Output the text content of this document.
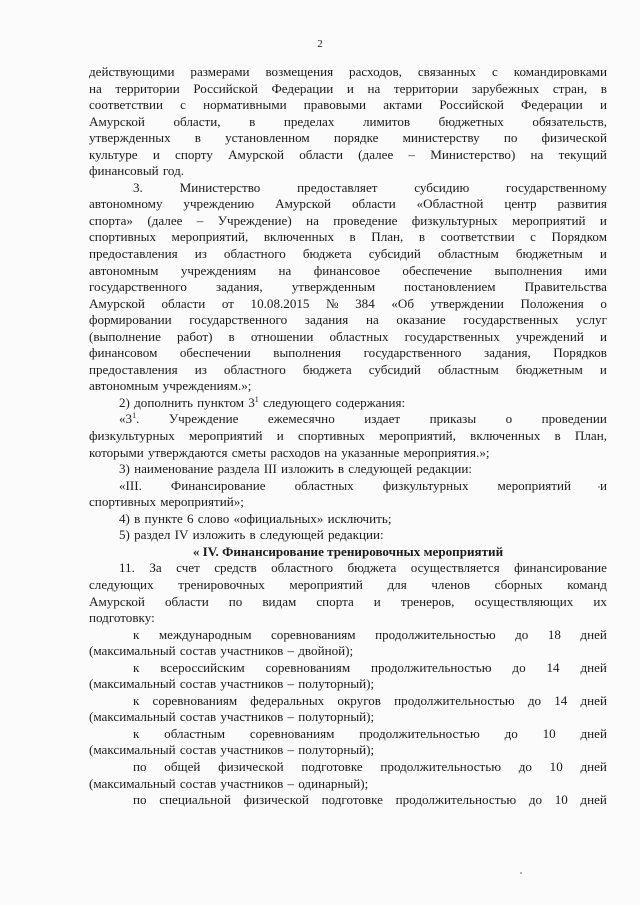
2
действующими размерами возмещения расходов, связанных с командировками
на территории Российской Федерации и на территории зарубежных стран, в
соответствии с нормативными правовыми актами Российской Федерации и
Амурской области, в пределах лимитов бюджетных обязательств,
утвержденных в установленном порядке министерству по физической
культуре и спорту Амурской области (далее – Министерство) на текущий
финансовый год.
3.	Министерство	предоставляет	субсидию	государственному
автономному учреждению Амурской области «Областной центр развития
спорта» (далее – Учреждение) на проведение физкультурных мероприятий и
спортивных мероприятий, включенных в План, в соответствии с Порядком
предоставления из областного бюджета субсидий областным бюджетным и
автономным учреждениям на финансовое обеспечение выполнения ими
государственного задания, утвержденным постановлением Правительства
Амурской области от 10.08.2015 № 384 «Об утверждении Положения о
формировании государственного задания на оказание государственных услуг
(выполнение работ) в отношении областных государственных учреждений и
финансовом обеспечении выполнения государственного задания, Порядков
предоставления из областного бюджета субсидий областным бюджетным и
автономным учреждениям.»;
2) дополнить пунктом $3^1$ следующего содержания:
«$3^1$. Учреждение ежемесячно издает приказы о проведении
физкультурных мероприятий и спортивных мероприятий, включенных в План,
которыми утверждаются сметы расходов на указанные мероприятия.»;
3) наименование раздела III изложить в следующей редакции:
«III. Финансирование областных физкультурных мероприятий и
спортивных мероприятий»;
4) в пункте 6 слово «официальных» исключить;
5) раздел IV изложить в следующей редакции:
« IV. Финансирование тренировочных мероприятий
11. За счет средств областного бюджета осуществляется финансирование
следующих тренировочных мероприятий для членов сборных команд
Амурской области по видам спорта и тренеров, осуществляющих их
подготовку:
к международным соревнованиям продолжительностью до 18 дней
(максимальный состав участников – двойной);
к всероссийским соревнованиям продолжительностью до 14 дней
(максимальный состав участников – полуторный);
к соревнованиям федеральных округов продолжительностью до 14 дней
(максимальный состав участников – полуторный);
к областным соревнованиям продолжительностью до 10 дней
(максимальный состав участников – полуторный);
по общей физической подготовке продолжительностью до 10 дней
(максимальный состав участников – одинарный);
по специальной физической подготовке продолжительностью до 10 дней
